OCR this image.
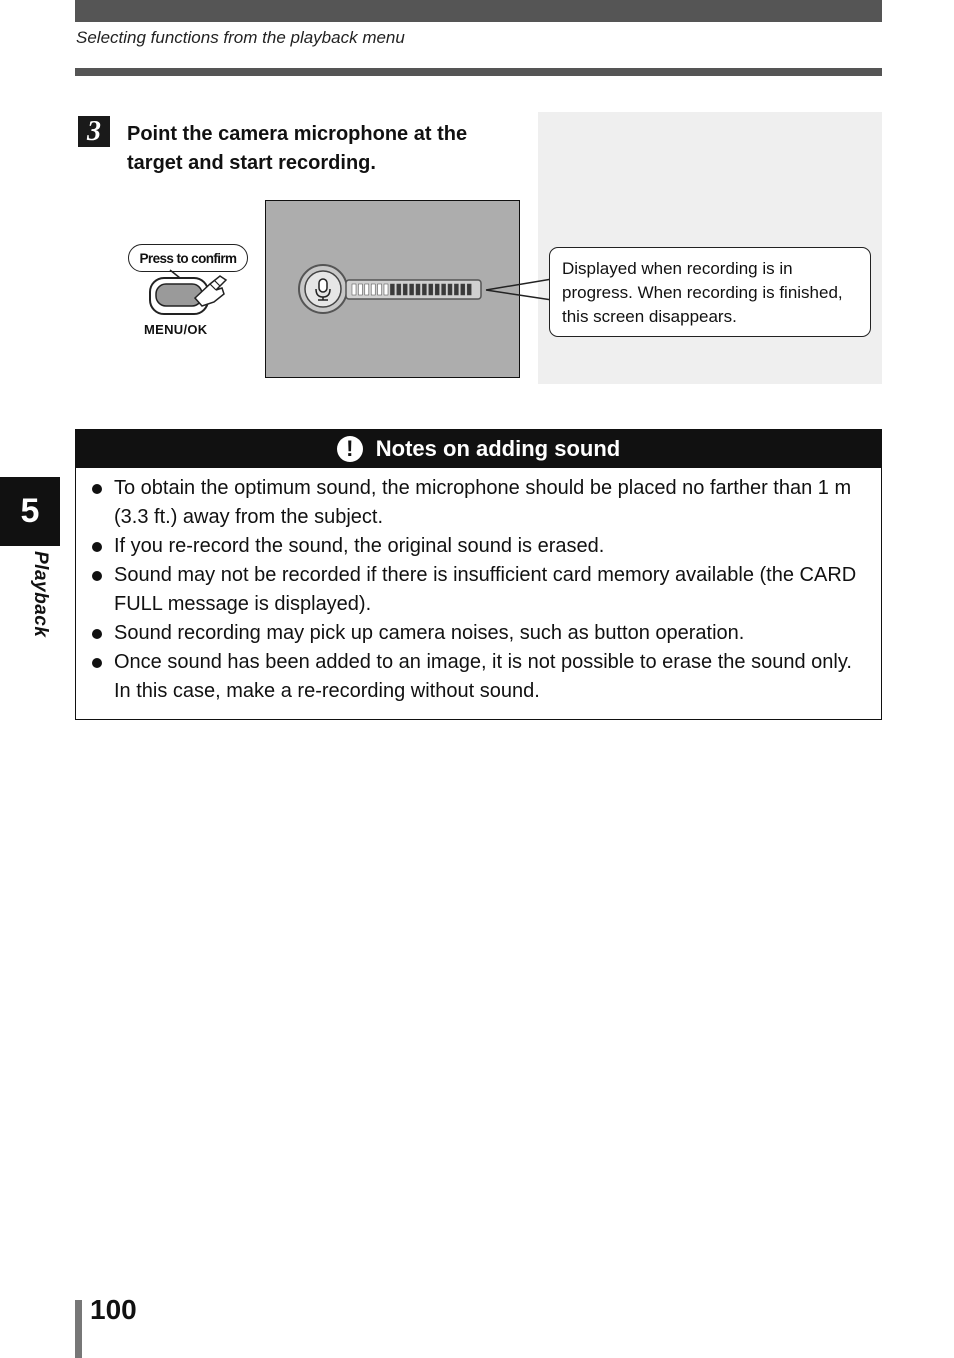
Selecting functions from the playback menu
3	Point the camera microphone at the target and start recording.
Press to confirm
MENU/OK
Displayed when recording is in progress. When recording is finished, this screen disappears.
!	Notes on adding sound
To obtain the optimum sound, the microphone should be placed no farther than 1 m (3.3 ft.) away from the subject.
If you re-record the sound, the original sound is erased.
Sound may not be recorded if there is insufficient card memory available (the CARD FULL message is displayed).
Sound recording may pick up camera noises, such as button operation.
Once sound has been added to an image, it is not possible to erase the sound only. In this case, make a re-recording without sound.
5
Playback
100
